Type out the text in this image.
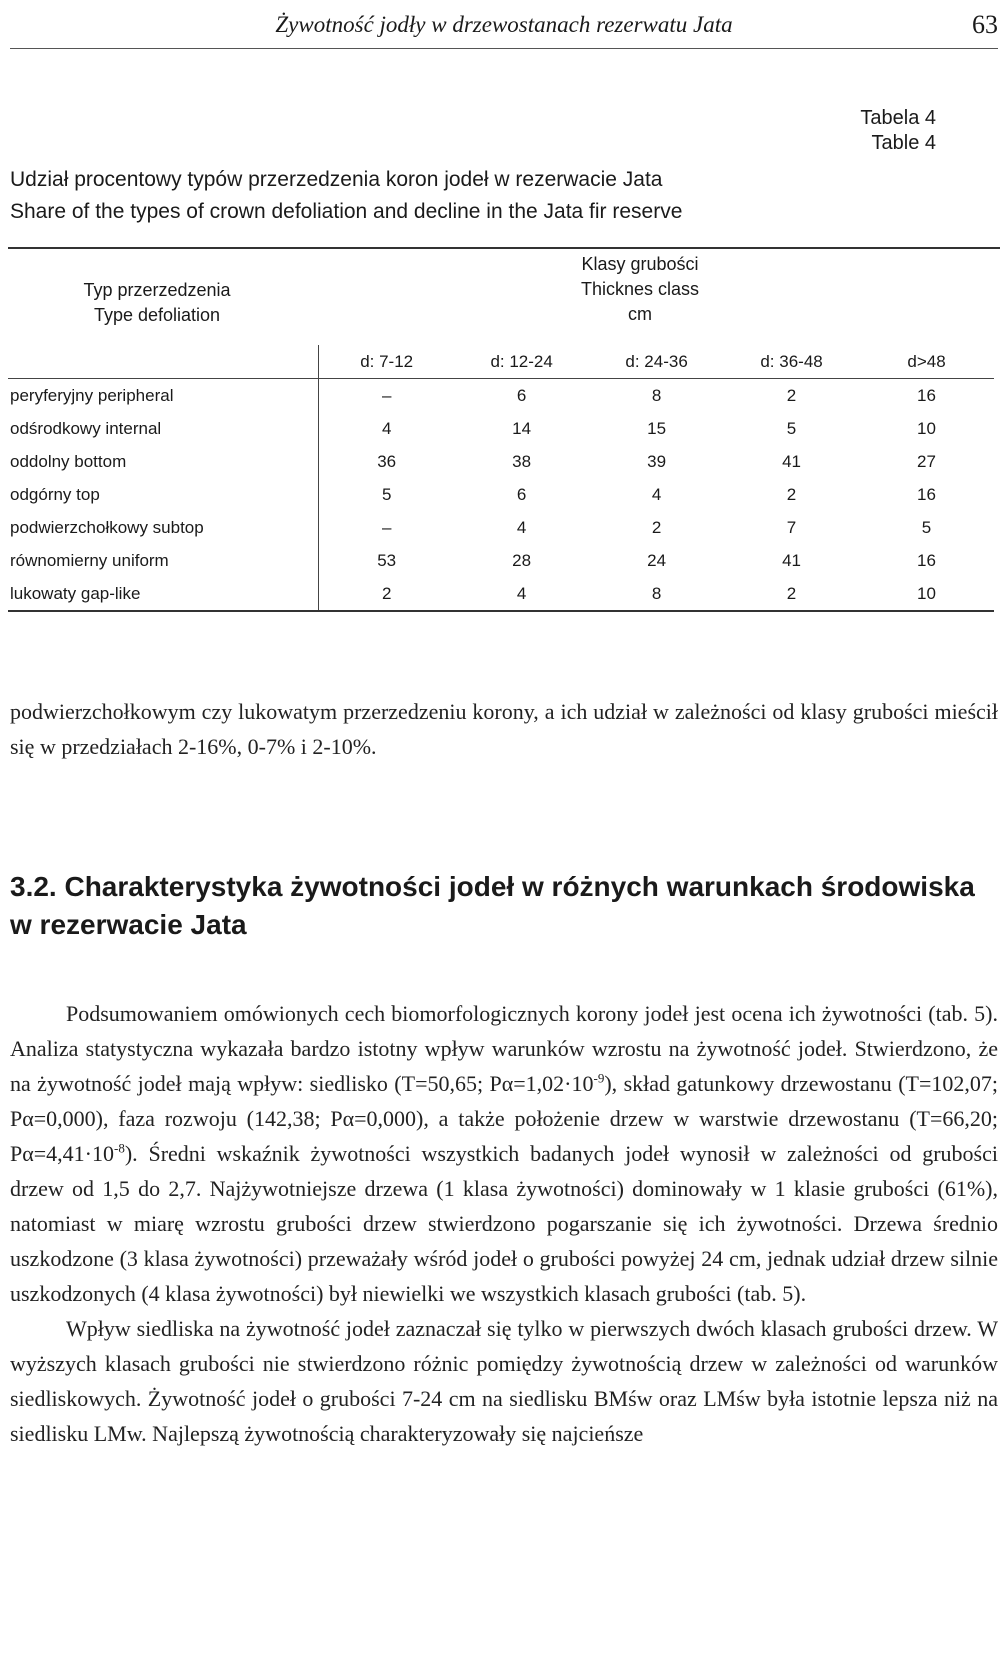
Żywotność jodły w drzewostanach rezerwatu Jata	63
Tabela 4
Table 4
Udział procentowy typów przerzedzenia koron jodeł w rezerwacie Jata
Share of the types of crown defoliation and decline in the Jata fir reserve
Typ przerzedzenia
Type defoliation
Klasy grubości
Thicknes class
cm
	d: 7-12	d: 12-24	d: 24-36	d: 36-48	d>48
peryferyjny peripheral	–	6	8	2	16
odśrodkowy internal	4	14	15	5	10
oddolny bottom	36	38	39	41	27
odgórny top	5	6	4	2	16
podwierzchołkowy subtop	–	4	2	7	5
równomierny uniform	53	28	24	41	16
lukowaty gap-like	2	4	8	2	10
podwierzchołkowym czy lukowatym przerzedzeniu korony, a ich udział w zależności od klasy grubości mieścił się w przedziałach 2-16%, 0-7% i 2-10%.
3.2. Charakterystyka żywotności jodeł w różnych warunkach środowiska w rezerwacie Jata
Podsumowaniem omówionych cech biomorfologicznych korony jodeł jest ocena ich żywotności (tab. 5). Analiza statystyczna wykazała bardzo istotny wpływ warunków wzrostu na żywotność jodeł. Stwierdzono, że na żywotność jodeł mają wpływ: siedlisko (T=50,65; $P\alpha=1,02\cdot 10^{-9}$), skład gatunkowy drzewostanu (T=102,07; Pα=0,000), faza rozwoju (142,38; Pα=0,000), a także położenie drzew w warstwie drzewostanu (T=66,20; $P\alpha=4,41\cdot 10^{-8}$). Średni wskaźnik żywotności wszystkich badanych jodeł wynosił w zależności od grubości drzew od 1,5 do 2,7. Najżywotniejsze drzewa (1 klasa żywotności) dominowały w 1 klasie grubości (61%), natomiast w miarę wzrostu grubości drzew stwierdzono pogarszanie się ich żywotności. Drzewa średnio uszkodzone (3 klasa żywotności) przeważały wśród jodeł o grubości powyżej 24 cm, jednak udział drzew silnie uszkodzonych (4 klasa żywotności) był niewielki we wszystkich klasach grubości (tab. 5).
Wpływ siedliska na żywotność jodeł zaznaczał się tylko w pierwszych dwóch klasach grubości drzew. W wyższych klasach grubości nie stwierdzono różnic pomiędzy żywotnością drzew w zależności od warunków siedliskowych. Żywotność jodeł o grubości 7-24 cm na siedlisku BMśw oraz LMśw była istotnie lepsza niż na siedlisku LMw. Najlepszą żywotnością charakteryzowały się najcieńsze
